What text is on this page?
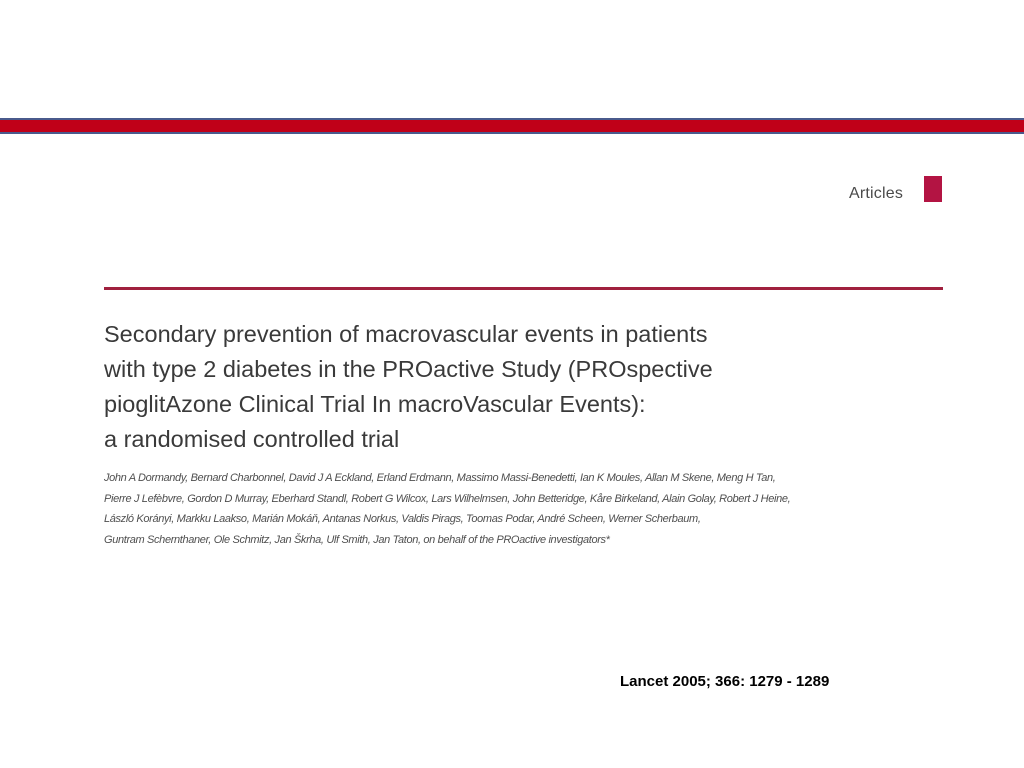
Articles
Secondary prevention of macrovascular events in patients
with type 2 diabetes in the PROactive Study (PROspective
pioglitAzone Clinical Trial In macroVascular Events):
a randomised controlled trial

John A Dormandy, Bernard Charbonnel, David J A Eckland, Erland Erdmann, Massimo Massi-Benedetti, Ian K Moules, Allan M Skene, Meng H Tan,
Pierre J Lefèbvre, Gordon D Murray, Eberhard Standl, Robert G Wilcox, Lars Wilhelmsen, John Betteridge, Kåre Birkeland, Alain Golay, Robert J Heine,
László Korányi, Markku Laakso, Marián Mokáň, Antanas Norkus, Valdis Pirags, Toomas Podar, André Scheen, Werner Scherbaum,
Guntram Schernthaner, Ole Schmitz, Jan Škrha, Ulf Smith, Jan Taton, on behalf of the PROactive investigators*

Lancet 2005; 366: 1279 - 1289
